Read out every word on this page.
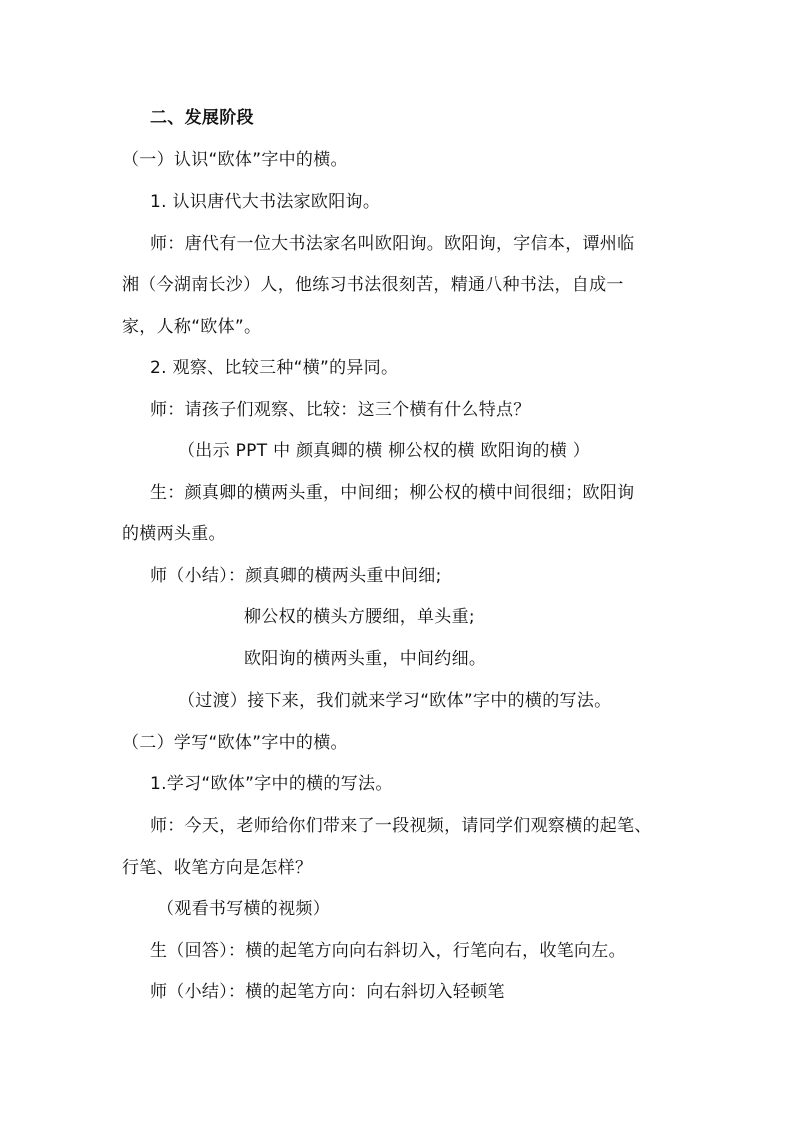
二、发展阶段
（一）认识“欧体”字中的横。
1. 认识唐代大书法家欧阳询。
师：唐代有一位大书法家名叫欧阳询。欧阳询，字信本，谭州临
湘（今湖南长沙）人，他练习书法很刻苦，精通八种书法，自成一
家，人称“欧体”。
2. 观察、比较三种“横”的异同。
师：请孩子们观察、比较：这三个横有什么特点？
（出示 PPT 中 颜真卿的横 柳公权的横 欧阳询的横 ）
生：颜真卿的横两头重，中间细；柳公权的横中间很细；欧阳询
的横两头重。
师（小结）：颜真卿的横两头重中间细;
柳公权的横头方腰细，单头重;
欧阳询的横两头重，中间约细。
（过渡）接下来，我们就来学习“欧体”字中的横的写法。
（二）学写“欧体”字中的横。
1.学习“欧体”字中的横的写法。
师：今天，老师给你们带来了一段视频，请同学们观察横的起笔、
行笔、收笔方向是怎样？
（观看书写横的视频）
生（回答）：横的起笔方向向右斜切入，行笔向右，收笔向左。
师（小结）：横的起笔方向：向右斜切入轻顿笔
